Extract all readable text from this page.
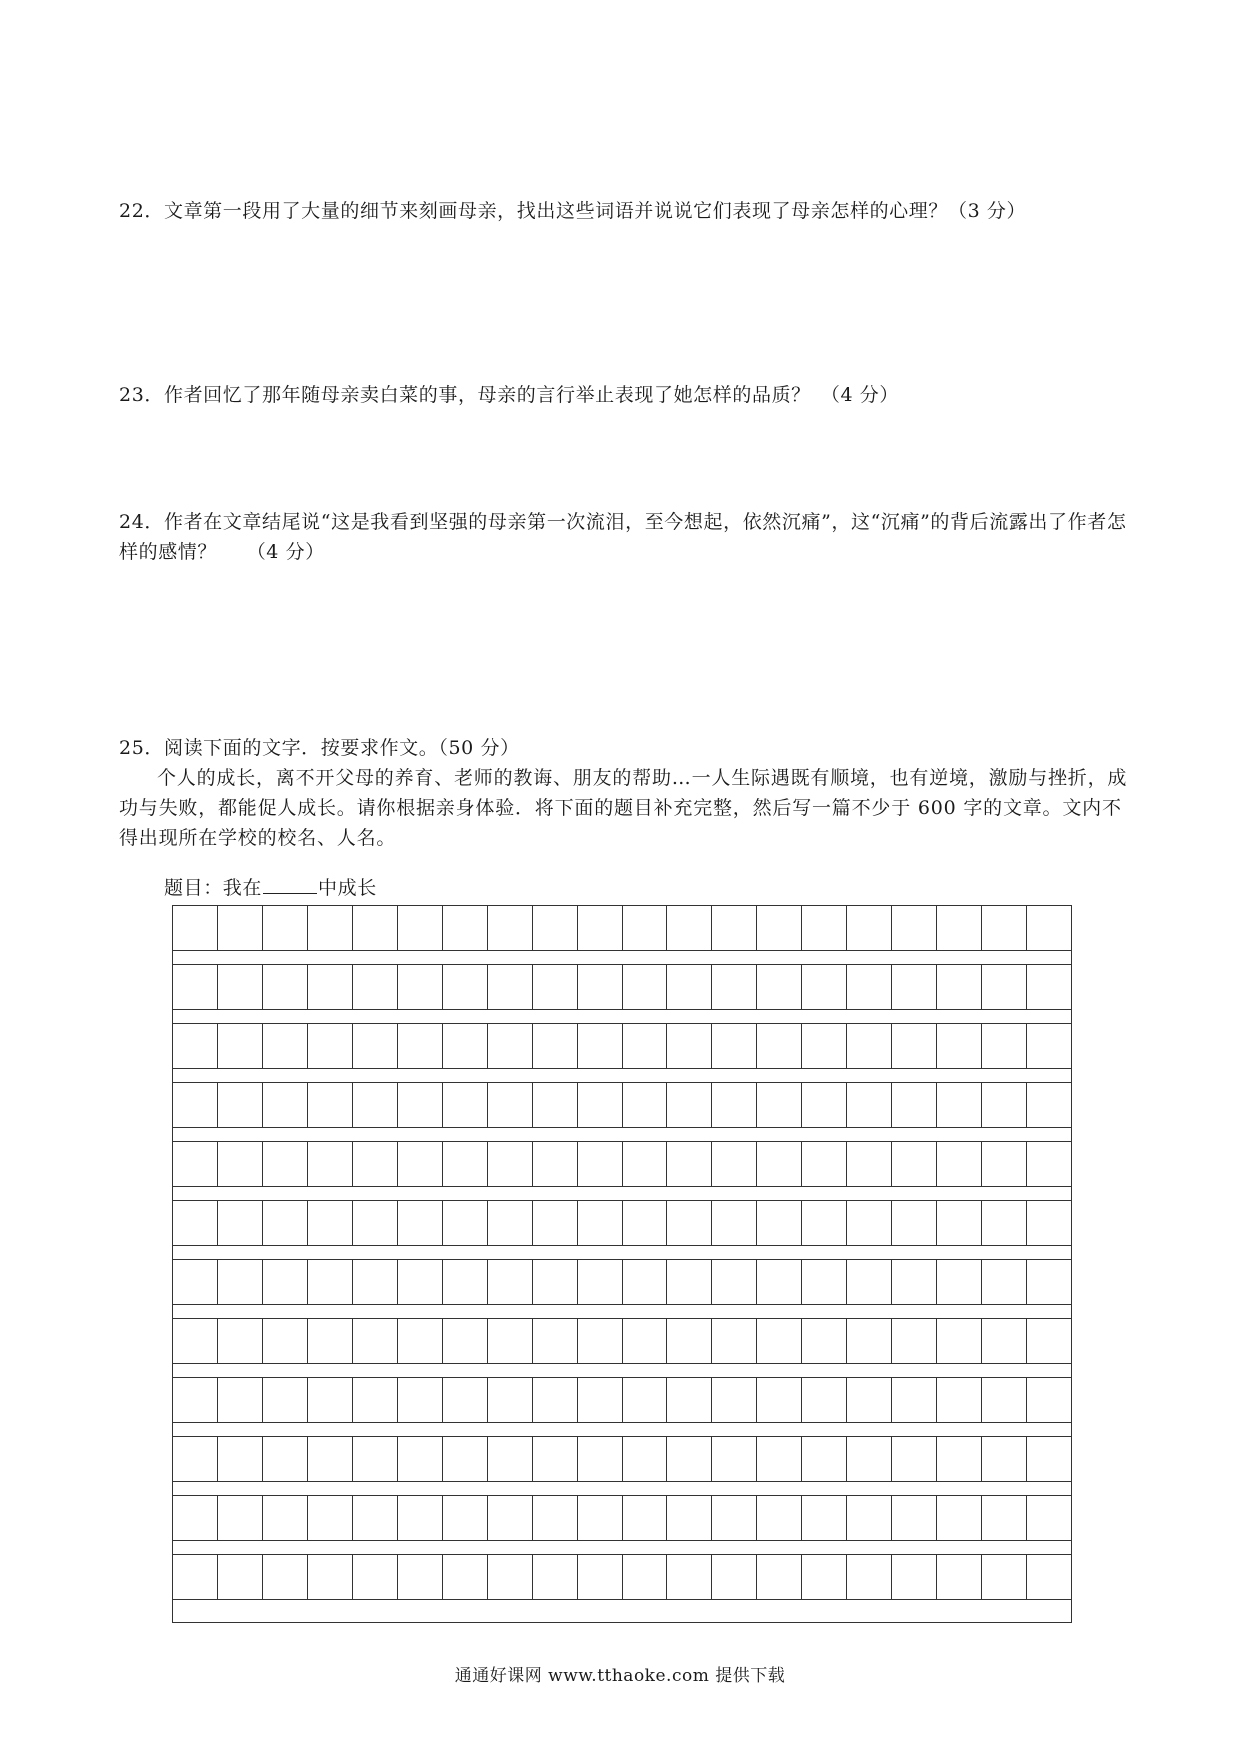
22．文章第一段用了大量的细节来刻画母亲，找出这些词语并说说它们表现了母亲怎样的心理？（3 分）
23．作者回忆了那年随母亲卖白菜的事，母亲的言行举止表现了她怎样的品质？　（4 分）
24．作者在文章结尾说“这是我看到坚强的母亲第一次流泪，至今想起，依然沉痛”，这“沉痛”的背后流露出了作者怎样的感情？　　（4 分）
25．阅读下面的文字．按要求作文。（50 分）
个人的成长，离不开父母的养育、老师的教诲、朋友的帮助…一人生际遇既有顺境，也有逆境，激励与挫折，成功与失败，都能促人成长。请你根据亲身体验．将下面的题目补充完整，然后写一篇不少于 600 字的文章。文内不得出现所在学校的校名、人名。
题目：我在	中成长
通通好课网 www.tthaoke.com 提供下载
